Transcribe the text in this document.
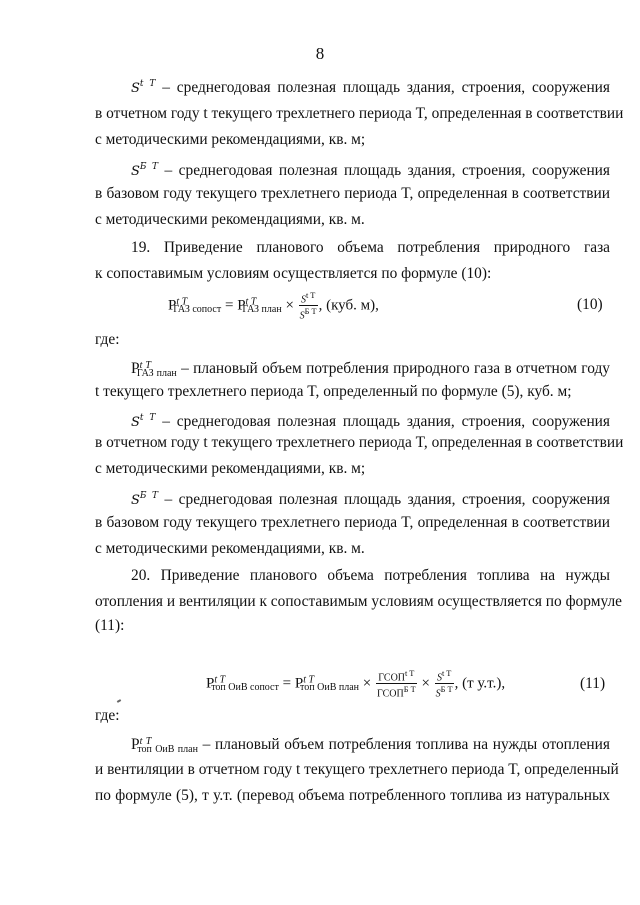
8
$S^{t T}$ – среднегодовая полезная площадь здания, строения, сооружения
в отчетном году t текущего трехлетнего периода T, определенная в соответствии
с методическими рекомендациями, кв. м;
$S^{Б T}$ – среднегодовая полезная площадь здания, строения, сооружения
в базовом году текущего трехлетнего периода T, определенная в соответствии
с методическими рекомендациями, кв. м.
19. Приведение планового объема потребления природного газа
к сопоставимым условиям осуществляется по формуле (10):
$P^{t T}_{ГАЗ сопост} = P^{t T}_{ГАЗ план} \times \frac{S^{t T}}{S^{Б T}}$ , (куб. м),	(10)
где:
$P^{t T}_{ГАЗ план}$ – плановый объем потребления природного газа в отчетном году
t текущего трехлетнего периода T, определенный по формуле (5), куб. м;
$S^{t T}$ – среднегодовая полезная площадь здания, строения, сооружения
в отчетном году t текущего трехлетнего периода T, определенная в соответствии
с методическими рекомендациями, кв. м;
$S^{Б T}$ – среднегодовая полезная площадь здания, строения, сооружения
в базовом году текущего трехлетнего периода T, определенная в соответствии
с методическими рекомендациями, кв. м.
20. Приведение планового объема потребления топлива на нужды
отопления и вентиляции к сопоставимым условиям осуществляется по формуле
(11):
$P^{t T}_{топ ОиВ сопост} = P^{t T}_{топ ОиВ план} \times \frac{ГСОП^{t T}}{ГСОП^{Б T}} \times \frac{S^{t T}}{S^{Б T}}$ , (т у.т.),	(11)
где:
$P^{t T}_{топ ОиВ план}$ – плановый объем потребления топлива на нужды отопления
и вентиляции в отчетном году t текущего трехлетнего периода T, определенный
по формуле (5), т у.т. (перевод объема потребленного топлива из натуральных
